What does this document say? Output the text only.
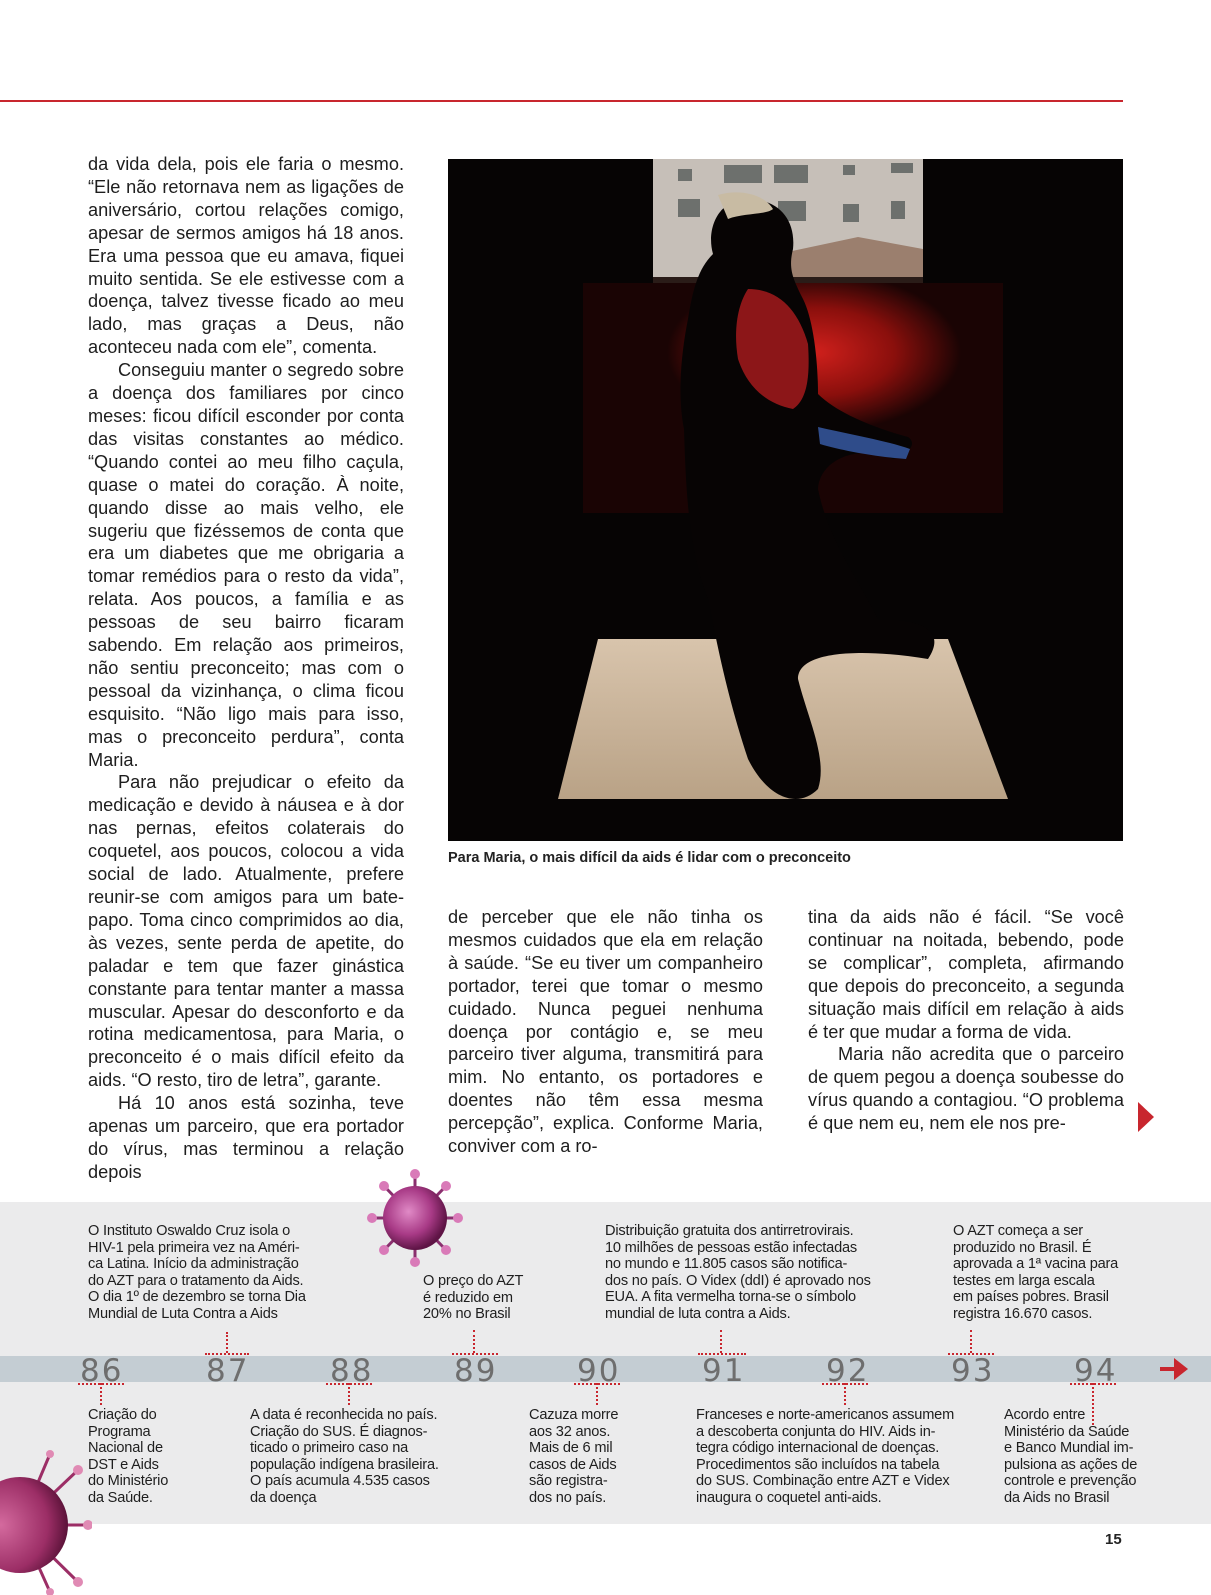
da vida dela, pois ele faria o mesmo. “Ele não retornava nem as ligações de aniversário, cortou relações comigo, apesar de sermos amigos há 18 anos. Era uma pessoa que eu amava, fiquei muito sentida. Se ele estivesse com a doença, talvez tivesse ficado ao meu lado, mas graças a Deus, não aconteceu nada com ele”, comenta.

Conseguiu manter o segredo sobre a doença dos familiares por cinco meses: ficou difícil esconder por conta das visitas constantes ao médico. “Quando contei ao meu filho caçula, quase o matei do coração. À noite, quando disse ao mais velho, ele sugeriu que fizéssemos de conta que era um diabetes que me obrigaria a tomar remédios para o resto da vida”, relata. Aos poucos, a família e as pessoas de seu bairro ficaram sabendo. Em relação aos primeiros, não sentiu preconceito; mas com o pessoal da vizinhança, o clima ficou esquisito. “Não ligo mais para isso, mas o preconceito perdura”, conta Maria.

Para não prejudicar o efeito da medicação e devido à náusea e à dor nas pernas, efeitos colaterais do coquetel, aos poucos, colocou a vida social de lado. Atualmente, prefere reunir-se com amigos para um bate-papo. Toma cinco comprimidos ao dia, às vezes, sente perda de apetite, do paladar e tem que fazer ginástica constante para tentar manter a massa muscular. Apesar do desconforto e da rotina medicamentosa, para Maria, o preconceito é o mais difícil efeito da aids. “O resto, tiro de letra”, garante.

Há 10 anos está sozinha, teve apenas um parceiro, que era portador do vírus, mas terminou a relação depois

de perceber que ele não tinha os mesmos cuidados que ela em relação à saúde. “Se eu tiver um companheiro portador, terei que tomar o mesmo cuidado. Nunca peguei nenhuma doença por contágio e, se meu parceiro tiver alguma, transmitirá para mim. No entanto, os portadores e doentes não têm essa mesma percepção”, explica. Conforme Maria, conviver com a ro-

tina da aids não é fácil. “Se você continuar na noitada, bebendo, pode se complicar”, completa, afirmando que depois do preconceito, a segunda situação mais difícil em relação à aids é ter que mudar a forma de vida.

Maria não acredita que o parceiro de quem pegou a doença soubesse do vírus quando a contagiou. “O problema é que nem eu, nem ele nos pre-

Para Maria, o mais difícil da aids é lidar com o preconceito
86	87	88	89	90	91	92	93	94

O Instituto Oswaldo Cruz isola o

HIV-1 pela primeira vez na Améri-

ca Latina. Início da administração

do AZT para o tratamento da Aids.

O dia 1º de dezembro se torna Dia

Mundial de Luta Contra a Aids

O preço do AZT

é reduzido em

20% no Brasil

Distribuição gratuita dos antirretrovirais.

10 milhões de pessoas estão infectadas

no mundo e 11.805 casos são notifica-

dos no país. O Videx (ddI) é aprovado nos

EUA. A fita vermelha torna-se o símbolo

mundial de luta contra a Aids.

O AZT começa a ser

produzido no Brasil. É

aprovada a 1ª vacina para

testes em larga escala

em países pobres. Brasil

registra 16.670 casos.

Criação do

Programa

Nacional de

DST e Aids

do Ministério

da Saúde.

A data é reconhecida no país.

Criação do SUS. É diagnos-

ticado o primeiro caso na

população indígena brasileira.

O país acumula 4.535 casos

da doença

Cazuza morre

aos 32 anos.

Mais de 6 mil

casos de Aids

são registra-

dos no país.

Franceses e norte-americanos assumem

a descoberta conjunta do HIV. Aids in-

tegra código internacional de doenças.

Procedimentos são incluídos na tabela

do SUS. Combinação entre AZT e Videx

inaugura o coquetel anti-aids.

Acordo entre

Ministério da Saúde

e Banco Mundial im-

pulsiona as ações de

controle e prevenção

da Aids no Brasil

15
